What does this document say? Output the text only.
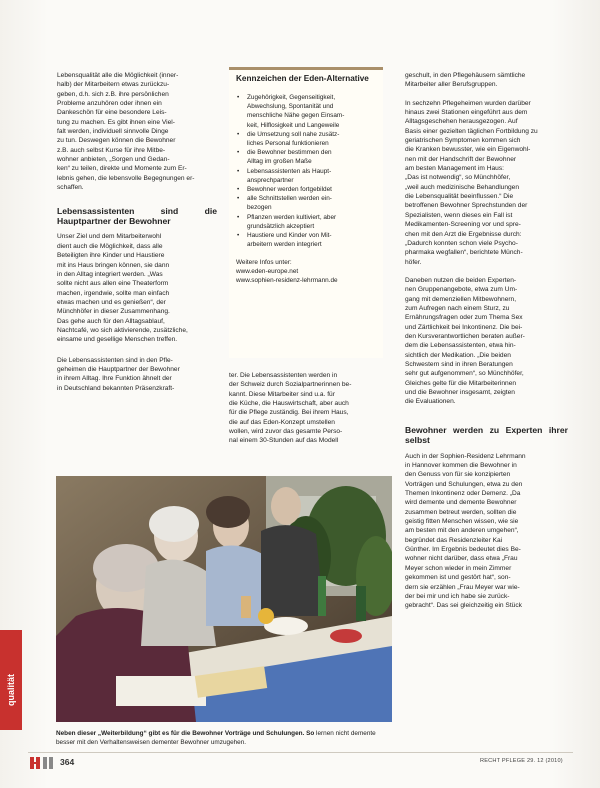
Lebensqualität alle die Möglichkeit (inner-
halb) der Mitarbeitern etwas zurückzu-
geben, d.h. sich z.B. ihre persönlichen
Probleme anzuhören oder ihnen ein
Dankeschön für eine besondere Leis-
tung zu machen. Es gibt ihnen eine Viel-
falt werden, individuell sinnvolle Dinge
zu tun. Deswegen können die Bewohner
z.B. auch selbst Kurse für ihre Mitbe-
wohner anbieten, „Sorgen und Gedan-
ken“ zu teilen, direkte und Momente zum Er-
lebnis gehen, die lebensvolle Begegnungen er-
schaffen.

Lebensassistenten sind die Hauptpartner der Bewohner

Unser Ziel und dem Mitarbeiterwohl
dient auch die Möglichkeit, dass alle
Beteiligten ihre Kinder und Haustiere
mit ins Haus bringen können, sie dann
in den Alltag integriert werden. „Was
sollte nicht aus allen eine Theaterform
machen, irgendwie, sollte man einfach
etwas machen und es genießen“, der
Münchhöfer in dieser Zusammenhang.
Das gehe auch für den Alltagsablauf,
Nachtcafé, wo sich aktivierende, zusätzliche,
einsame und gesellige Menschen treffen.

Die Lebensassistenten sind in den Pfle-
geheimen die Hauptpartner der Bewohner
in ihrem Alltag. Ihre Funktion ähnelt der
in Deutschland bekannten Präsenzkraft-

Kennzeichen der Eden-Alternative
• Zugehörigkeit, Gegenseitigkeit,
Abwechslung, Spontanität und
menschliche Nähe gegen Einsam-
keit, Hilflosigkeit und Langeweile
• die Umsetzung soll nahe zusätz-
liches Personal funktionieren
• die Bewohner bestimmen den
Alltag im großen Maße
• Lebensassistenten als Haupt-
ansprechpartner
• Bewohner werden fortgebildet
• alle Schnittstellen werden ein-
bezogen
• Pflanzen werden kultiviert, aber
grundsätzlich akzeptiert
• Haustiere und Kinder von Mit-
arbeitern werden integriert
Weitere Infos unter:
www.eden-europe.net
www.sophien-residenz-lehrmann.de

ter. Die Lebensassistenten werden in
der Schweiz durch Sozialpartnerinnen be-
kannt. Diese Mitarbeiter sind u.a. für
die Küche, die Hauswirtschaft, aber auch
für die Pflege zuständig. Bei ihrem Haus,
die auf das Eden-Konzept umstellen
wollen, wird zuvor das gesamte Perso-
nal einem 30-Stunden auf das Modell

geschult, in den Pflegehäusern sämtliche
Mitarbeiter aller Berufsgruppen.

In sechzehn Pflegeheimen wurden darüber
hinaus zwei Stationen eingeführt aus dem
Alltagsgeschehen herausgezogen. Auf
Basis einer gezielten täglichen Fortbildung zu
geriatrischen Symptomen kommen sich
die Kranken bewusster, wie ein Eigenwohl-
nen mit der Handschrift der Bewohner
am besten Management im Haus:
„Das ist notwendig“, so Münchhöfer,
„weil auch medizinische Behandlungen
die Lebensqualität beeinflussen.“ Die
betroffenen Bewohner Sprechstunden der
Spezialisten, wenn dieses ein Fall ist
Medikamenten-Screening vor und spre-
chen mit den Arzt die Ergebnisse durch:
„Dadurch konnten schon viele Psycho-
pharmaka wegfallen“, berichtete Münch-
höfer.

Daneben nutzen die beiden Experten-
nen Gruppenangebote, etwa zum Um-
gang mit demenziellen Mitbewohnern,
zum Aufregen nach einem Sturz, zu
Ernährungsfragen oder zum Thema Sex
und Zärtlichkeit bei Inkontinenz. Die bei-
den Kursverantwortlichen beraten außer-
dem die Lebensassistenten, etwa hin-
sichtlich der Medikation. „Die beiden
Schwestern sind in ihren Beratungen
sehr gut aufgenommen“, so Münchhöfer,
Gleiches gelte für die Mitarbeiterinnen
und die Bewohner insgesamt, zeigten
die Evaluationen.

Bewohner werden zu Experten ihrer selbst

Auch in der Sophien-Residenz Lehrmann
in Hannover kommen die Bewohner in
den Genuss von für sie konzipierten
Vorträgen und Schulungen, etwa zu den
Themen Inkontinenz oder Demenz. „Da
wird demente und demente Bewohner
zusammen betreut werden, sollten die
geistig fitten Menschen wissen, wie sie
am besten mit den anderen umgehen“,
begründet das Residenzleiter Kai
Günther. Im Ergebnis bedeutet dies Be-
wohner nicht darüber, dass etwa „Frau
Meyer schon wieder in mein Zimmer
gekommen ist und gestört hat“, son-
dern sie erzählen „Frau Meyer war wie-
der bei mir und ich habe sie zurück-
gebracht“. Das sei gleichzeitig ein Stück

Neben dieser „Weiterbildung“ gibt es für die Bewohner Vorträge und Schulungen. So lernen nicht demente besser mit den Verhaltensweisen dementer Bewohner umzugehen.
qualität
364	RECHT PFLEGE 29. 12 (2010)
